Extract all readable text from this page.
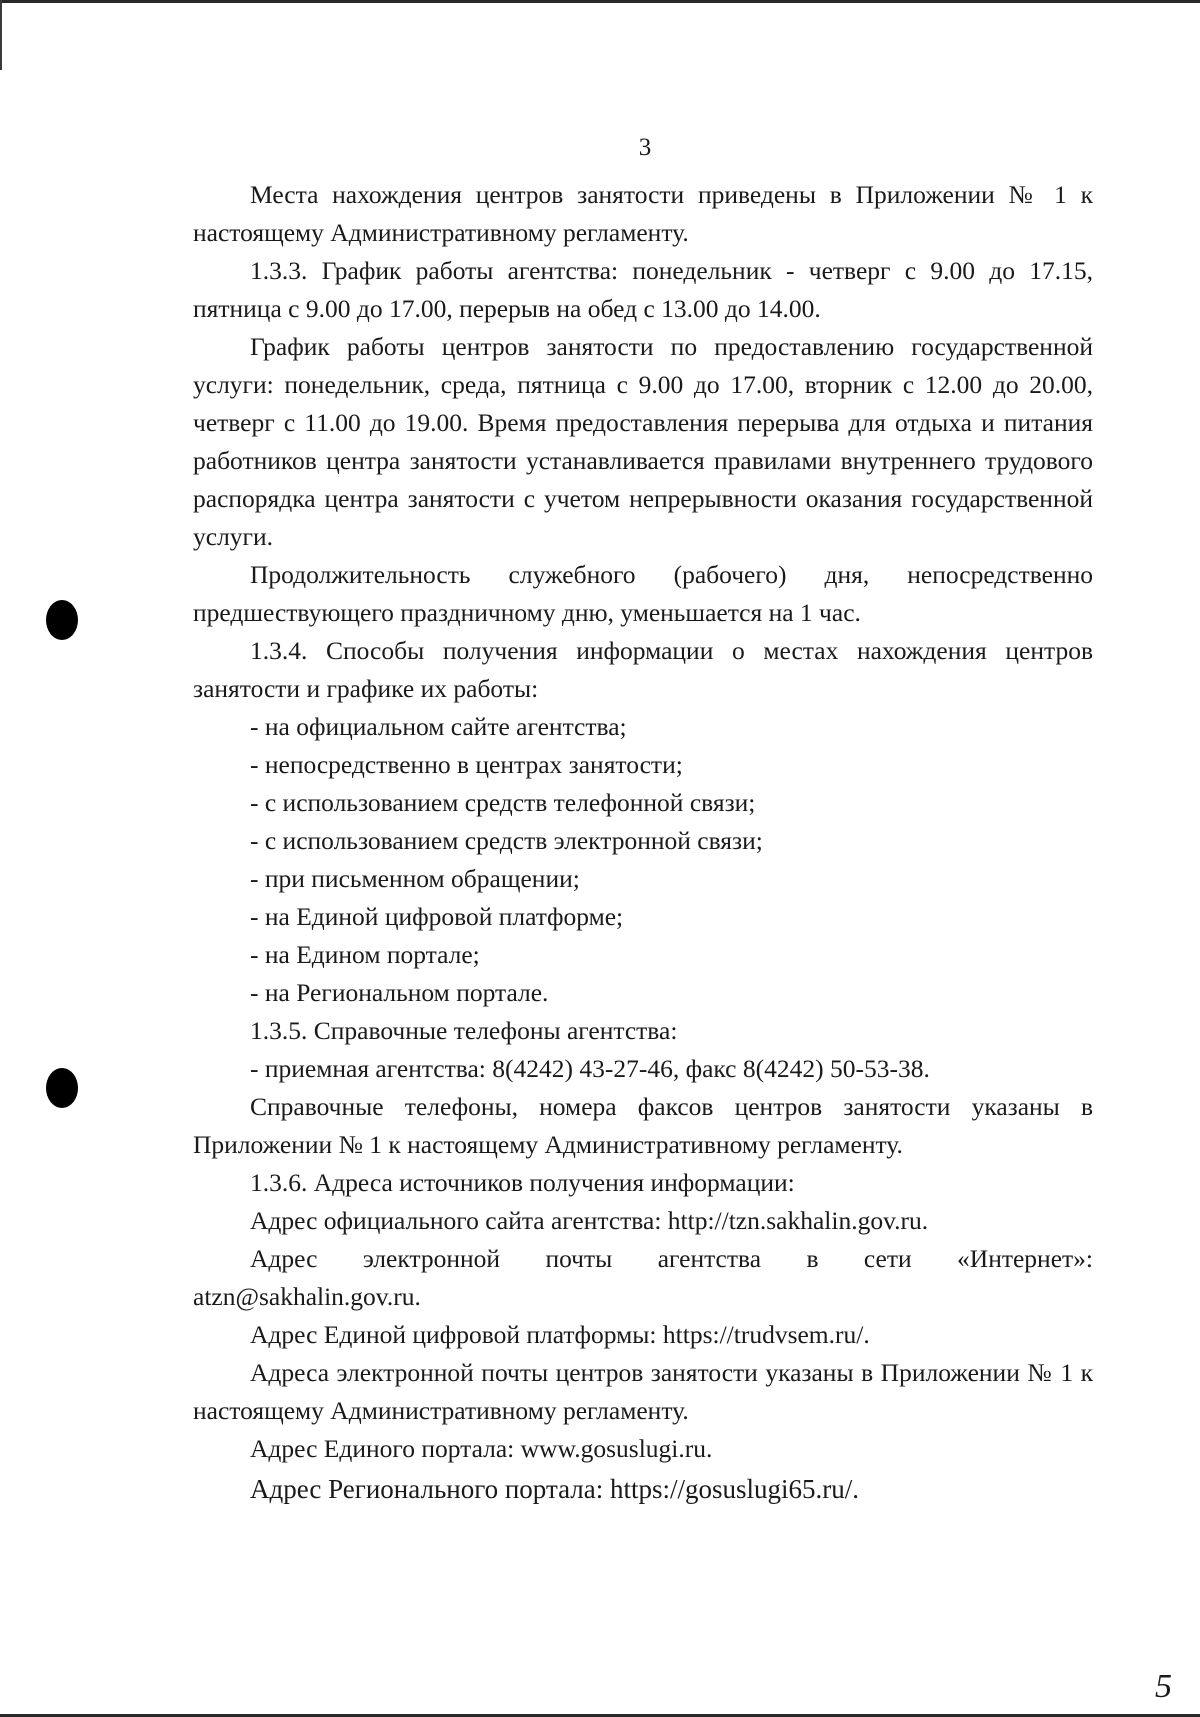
3

Места нахождения центров занятости приведены в Приложении № 1 к настоящему Административному регламенту.

1.3.3. График работы агентства: понедельник - четверг с 9.00 до 17.15, пятница с 9.00 до 17.00, перерыв на обед с 13.00 до 14.00.

График работы центров занятости по предоставлению государственной услуги: понедельник, среда, пятница с 9.00 до 17.00, вторник с 12.00 до 20.00, четверг с 11.00 до 19.00. Время предоставления перерыва для отдыха и питания работников центра занятости устанавливается правилами внутреннего трудового распорядка центра занятости с учетом непрерывности оказания государственной услуги.

Продолжительность служебного (рабочего) дня, непосредственно предшествующего праздничному дню, уменьшается на 1 час.

1.3.4. Способы получения информации о местах нахождения центров занятости и графике их работы:

- на официальном сайте агентства;

- непосредственно в центрах занятости;

- с использованием средств телефонной связи;

- с использованием средств электронной связи;

- при письменном обращении;

- на Единой цифровой платформе;

- на Едином портале;

- на Региональном портале.

1.3.5. Справочные телефоны агентства:

- приемная агентства: 8(4242) 43-27-46, факс 8(4242) 50-53-38.

Справочные телефоны, номера факсов центров занятости указаны в Приложении № 1 к настоящему Административному регламенту.

1.3.6. Адреса источников получения информации:

Адрес официального сайта агентства: http://tzn.sakhalin.gov.ru.

Адрес электронной почты агентства в сети «Интернет»: atzn@sakhalin.gov.ru.

Адрес Единой цифровой платформы: https://trudvsem.ru/.

Адреса электронной почты центров занятости указаны в Приложении № 1 к настоящему Административному регламенту.

Адрес Единого портала: www.gosuslugi.ru.

Адрес Регионального портала: https://gosuslugi65.ru/.

5
